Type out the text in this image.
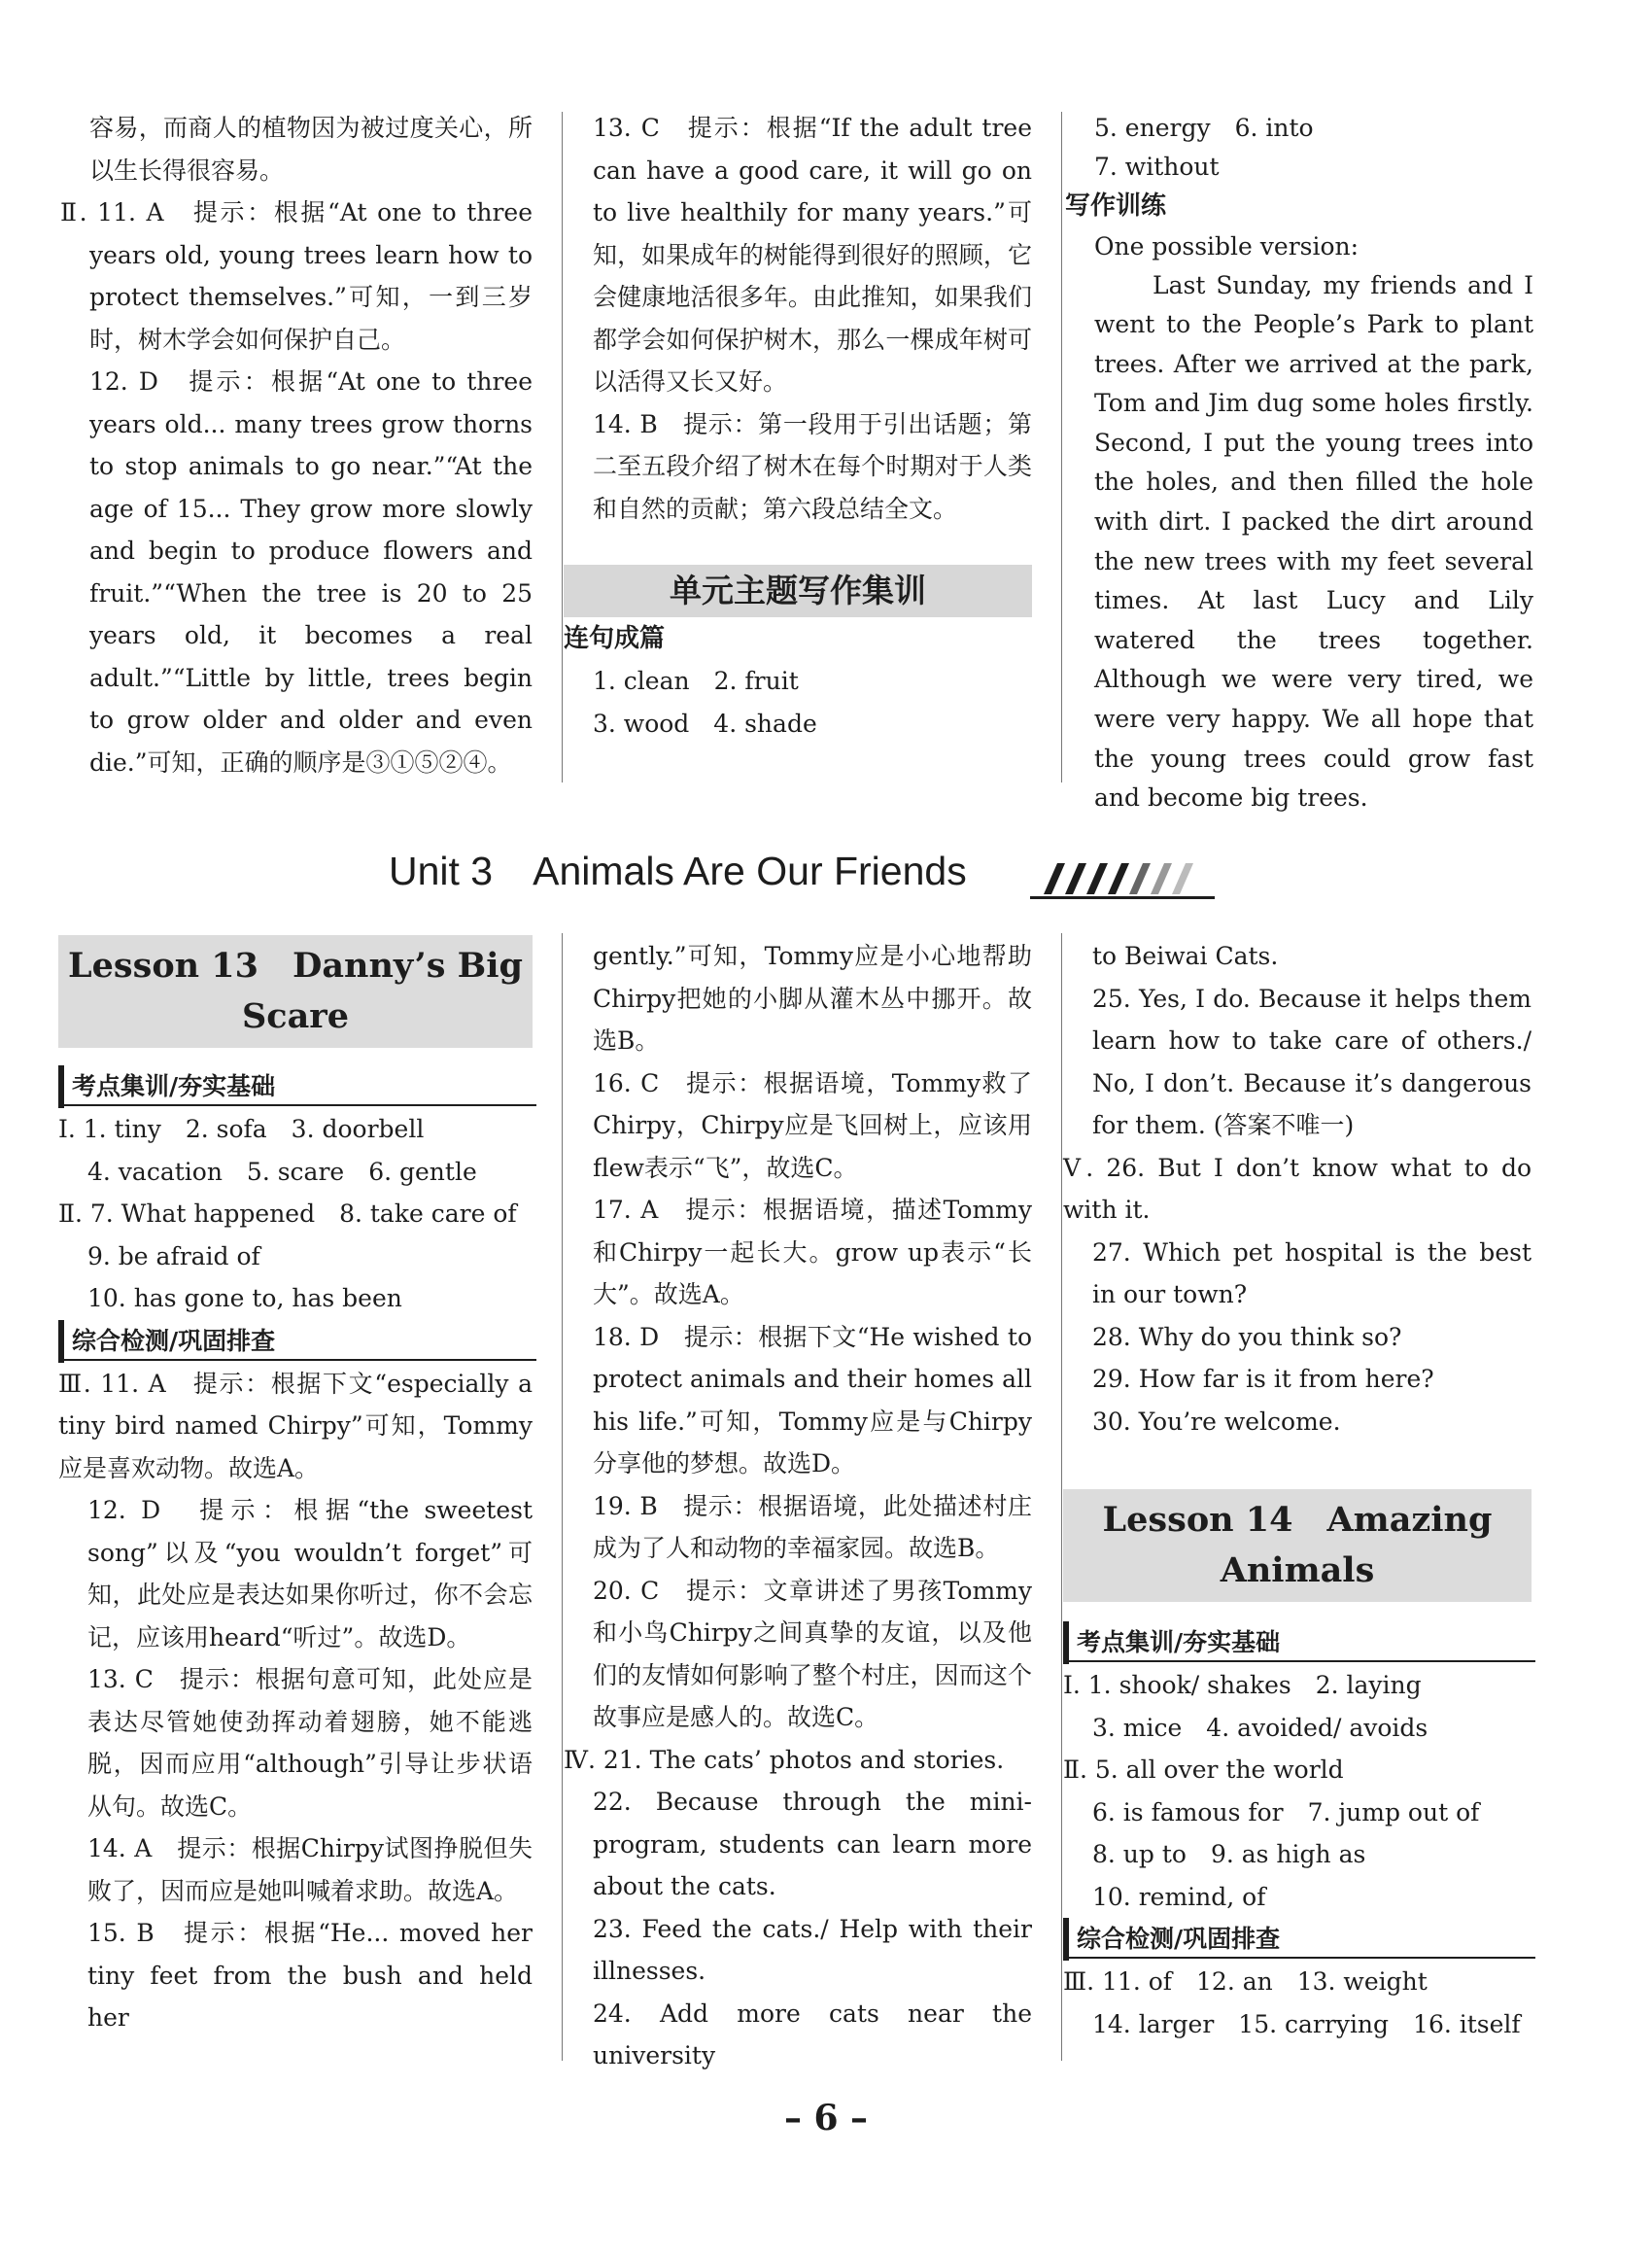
容易，而商人的植物因为被过度关心，所以生长得很容易。

Ⅱ. 11. A　提示：根据“At one to three years old, young trees learn how to protect themselves.”可知，一到三岁时，树木学会如何保护自己。

12. D　提示：根据“At one to three years old... many trees grow thorns to stop animals to go near.”“At the age of 15... They grow more slowly and begin to produce flowers and fruit.”“When the tree is 20 to 25 years old, it becomes a real adult.”“Little by little, trees begin to grow older and older and even die.”可知，正确的顺序是③①⑤②④。

13. C　提示：根据“If the adult tree can have a good care, it will go on to live healthily for many years.”可知，如果成年的树能得到很好的照顾，它会健康地活很多年。由此推知，如果我们都学会如何保护树木，那么一棵成年树可以活得又长又好。

14. B　提示：第一段用于引出话题；第二至五段介绍了树木在每个时期对于人类和自然的贡献；第六段总结全文。

单元主题写作集训
连句成篇

1. clean　2. fruit

3. wood　4. shade

5. energy　6. into

7. without

写作训练

One possible version:

Last Sunday, my friends and I went to the People’s Park to plant trees. After we arrived at the park, Tom and Jim dug some holes firstly. Second, I put the young trees into the holes, and then filled the hole with dirt. I packed the dirt around the new trees with my feet several times. At last Lucy and Lily watered the trees together. Although we were very tired, we were very happy. We all hope that the young trees could grow fast and become big trees.

Unit 3　Animals Are Our Friends
Lesson 13　Danny’s Big Scare
考点集训/夯实基础

Ⅰ. 1. tiny　2. sofa　3. doorbell

4. vacation　5. scare　6. gentle

Ⅱ. 7. What happened　8. take care of

9. be afraid of

10. has gone to, has been

综合检测/巩固排查

Ⅲ. 11. A　提示：根据下文“especially a tiny bird named Chirpy”可知，Tommy应是喜欢动物。故选A。

12. D　提示：根据“the sweetest song”以及“you wouldn’t forget”可知，此处应是表达如果你听过，你不会忘记，应该用heard“听过”。故选D。

13. C　提示：根据句意可知，此处应是表达尽管她使劲挥动着翅膀，她不能逃脱，因而应用“although”引导让步状语从句。故选C。

14. A　提示：根据Chirpy试图挣脱但失败了，因而应是她叫喊着求助。故选A。

15. B　提示：根据“He... moved her tiny feet from the bush and held her

gently.”可知，Tommy应是小心地帮助Chirpy把她的小脚从灌木丛中挪开。故选B。

16. C　提示：根据语境，Tommy救了Chirpy，Chirpy应是飞回树上，应该用flew表示“飞”，故选C。

17. A　提示：根据语境，描述Tommy和Chirpy一起长大。grow up表示“长大”。故选A。

18. D　提示：根据下文“He wished to protect animals and their homes all his life.”可知，Tommy应是与Chirpy分享他的梦想。故选D。

19. B　提示：根据语境，此处描述村庄成为了人和动物的幸福家园。故选B。

20. C　提示：文章讲述了男孩Tommy和小鸟Chirpy之间真挚的友谊，以及他们的友情如何影响了整个村庄，因而这个故事应是感人的。故选C。

Ⅳ. 21. The cats’ photos and stories.

22. Because through the mini-program, students can learn more about the cats.

23. Feed the cats./ Help with their illnesses.

24. Add more cats near the university

to Beiwai Cats.

25. Yes, I do. Because it helps them learn how to take care of others./ No, I don’t. Because it’s dangerous for them. (答案不唯一)

Ⅴ. 26. But I don’t know what to do with it.

27. Which pet hospital is the best in our town?

28. Why do you think so?

29. How far is it from here?

30. You’re welcome.

Lesson 14　Amazing Animals
考点集训/夯实基础

Ⅰ. 1. shook/ shakes　2. laying

3. mice　4. avoided/ avoids

Ⅱ. 5. all over the world

6. is famous for　7. jump out of

8. up to　9. as high as

10. remind, of

综合检测/巩固排查

Ⅲ. 11. of　12. an　13. weight

14. larger　15. carrying　16. itself

– 6 –
